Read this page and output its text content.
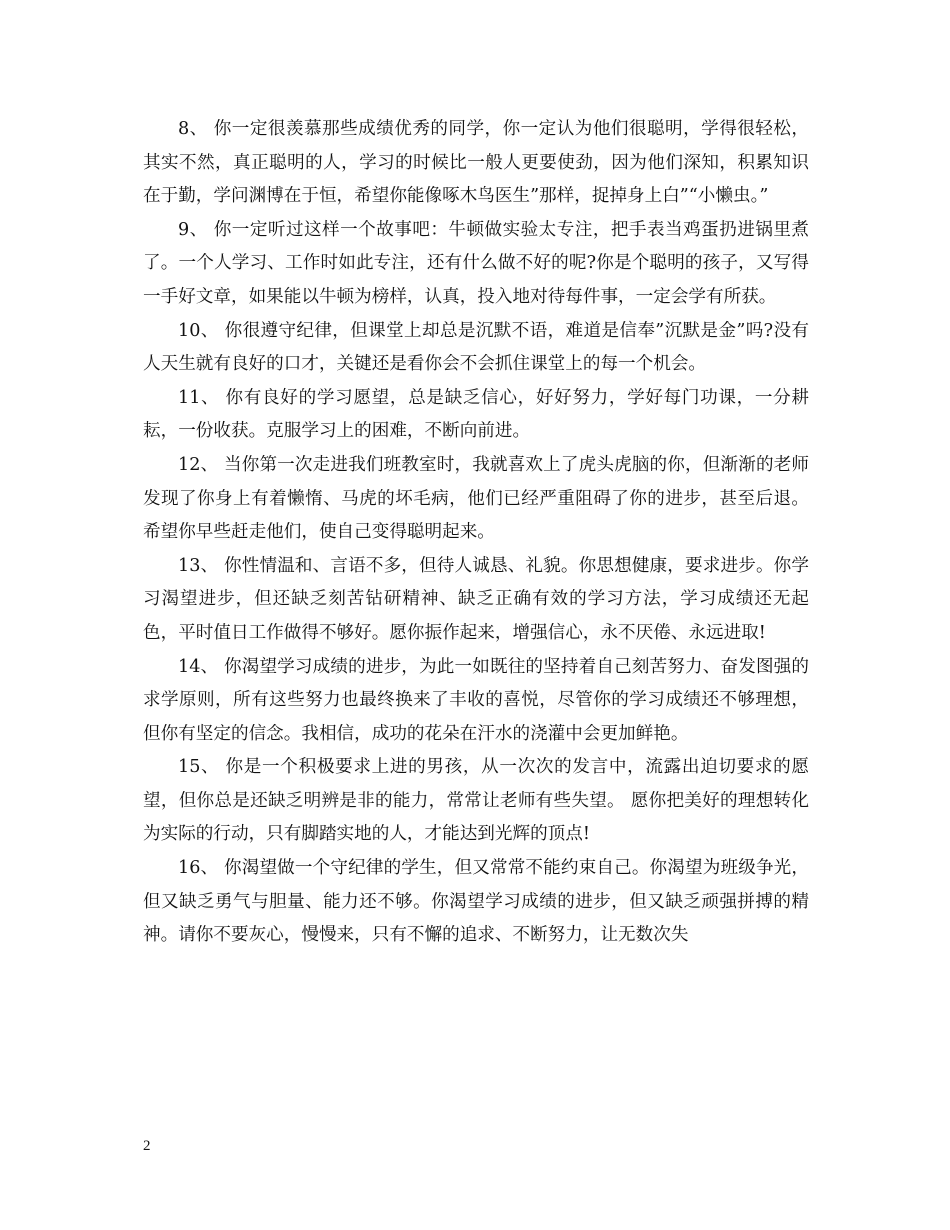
8、 你一定很羡慕那些成绩优秀的同学，你一定认为他们很聪明，学得很轻松，其实不然，真正聪明的人，学习的时候比一般人更要使劲，因为他们深知，积累知识在于勤，学问渊博在于恒，希望你能像啄木鸟医生”那样，捉掉身上白”“小懒虫。”

9、 你一定听过这样一个故事吧：牛顿做实验太专注，把手表当鸡蛋扔进锅里煮了。一个人学习、工作时如此专注，还有什么做不好的呢?你是个聪明的孩子，又写得一手好文章，如果能以牛顿为榜样，认真，投入地对待每件事，一定会学有所获。

10、 你很遵守纪律，但课堂上却总是沉默不语，难道是信奉”沉默是金”吗?没有人天生就有良好的口才，关键还是看你会不会抓住课堂上的每一个机会。

11、 你有良好的学习愿望，总是缺乏信心，好好努力，学好每门功课，一分耕耘，一份收获。克服学习上的困难，不断向前进。

12、 当你第一次走进我们班教室时，我就喜欢上了虎头虎脑的你，但渐渐的老师发现了你身上有着懒惰、马虎的坏毛病，他们已经严重阻碍了你的进步，甚至后退。希望你早些赶走他们，使自己变得聪明起来。

13、 你性情温和、言语不多，但待人诚恳、礼貌。你思想健康，要求进步。你学习渴望进步，但还缺乏刻苦钻研精神、缺乏正确有效的学习方法，学习成绩还无起色，平时值日工作做得不够好。愿你振作起来，增强信心，永不厌倦、永远进取!

14、 你渴望学习成绩的进步，为此一如既往的坚持着自己刻苦努力、奋发图强的求学原则，所有这些努力也最终换来了丰收的喜悦，尽管你的学习成绩还不够理想，但你有坚定的信念。我相信，成功的花朵在汗水的浇灌中会更加鲜艳。

15、 你是一个积极要求上进的男孩，从一次次的发言中，流露出迫切要求的愿望，但你总是还缺乏明辨是非的能力，常常让老师有些失望。 愿你把美好的理想转化为实际的行动，只有脚踏实地的人，才能达到光辉的顶点!

16、 你渴望做一个守纪律的学生，但又常常不能约束自己。你渴望为班级争光，但又缺乏勇气与胆量、能力还不够。你渴望学习成绩的进步，但又缺乏顽强拼搏的精神。请你不要灰心，慢慢来，只有不懈的追求、不断努力，让无数次失

2
